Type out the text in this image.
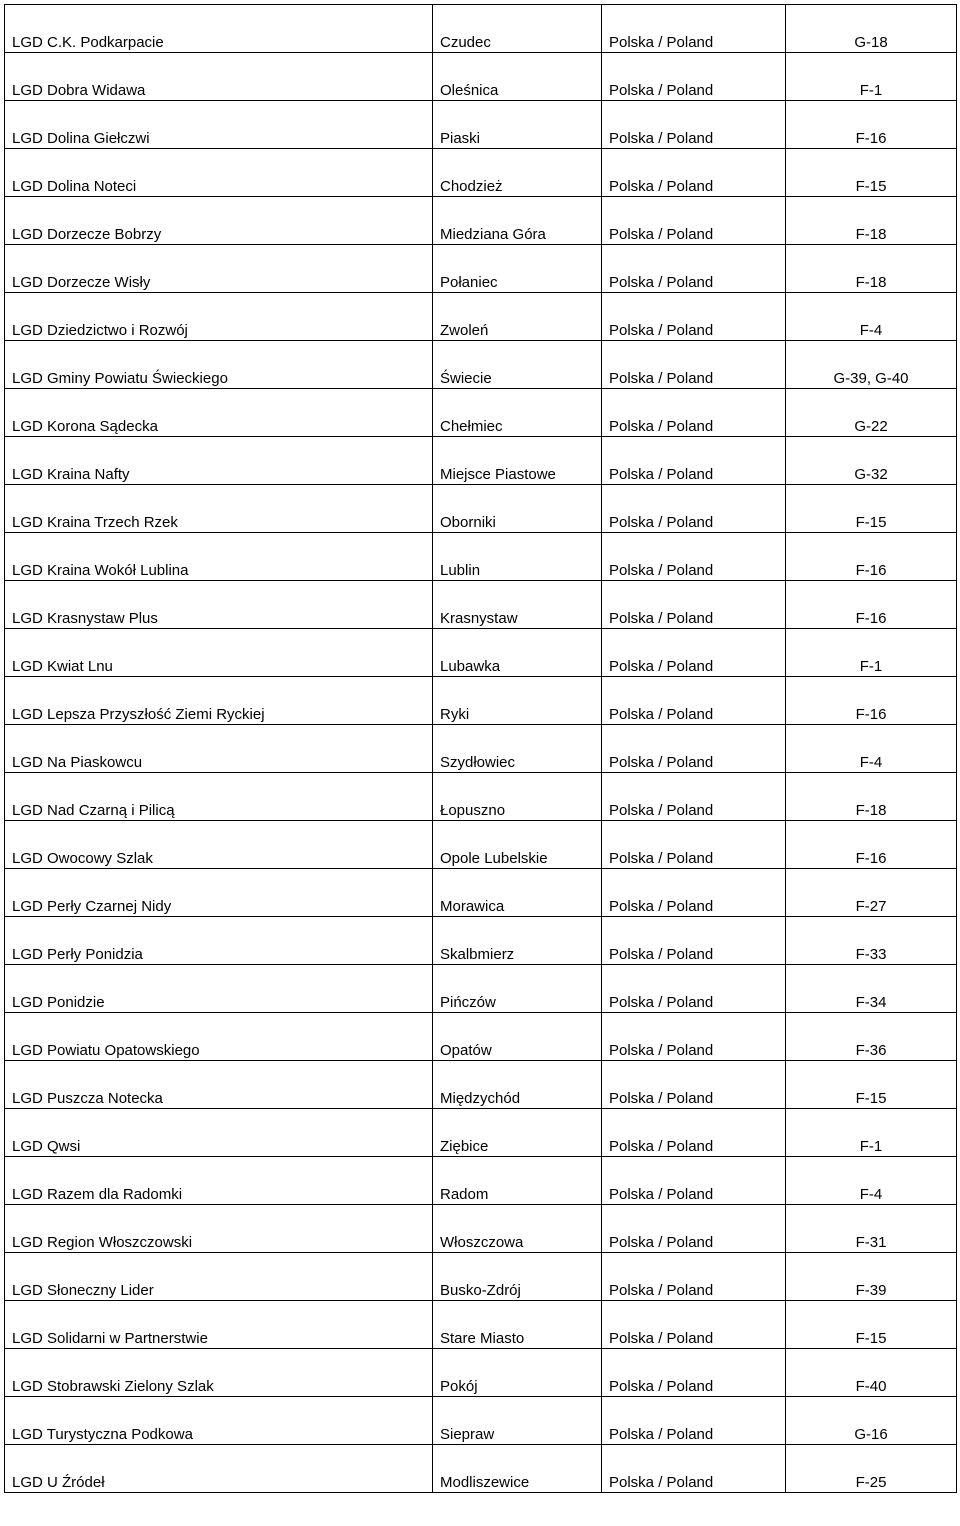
LGD C.K. Podkarpacie	Czudec	Polska / Poland	G-18

LGD Dobra Widawa	Oleśnica	Polska / Poland	F-1

LGD Dolina Giełczwi	Piaski	Polska / Poland	F-16

LGD Dolina Noteci	Chodzież	Polska / Poland	F-15

LGD Dorzecze Bobrzy	Miedziana Góra	Polska / Poland	F-18

LGD Dorzecze Wisły	Połaniec	Polska / Poland	F-18

LGD Dziedzictwo i Rozwój	Zwoleń	Polska / Poland	F-4

LGD Gminy Powiatu Świeckiego	Świecie	Polska / Poland	G-39, G-40

LGD Korona Sądecka	Chełmiec	Polska / Poland	G-22

LGD Kraina Nafty	Miejsce Piastowe	Polska / Poland	G-32

LGD Kraina Trzech Rzek	Oborniki	Polska / Poland	F-15

LGD Kraina Wokół Lublina	Lublin	Polska / Poland	F-16

LGD Krasnystaw Plus	Krasnystaw	Polska / Poland	F-16

LGD Kwiat Lnu	Lubawka	Polska / Poland	F-1

LGD Lepsza Przyszłość Ziemi Ryckiej	Ryki	Polska / Poland	F-16

LGD Na Piaskowcu	Szydłowiec	Polska / Poland	F-4

LGD Nad Czarną i Pilicą	Łopuszno	Polska / Poland	F-18

LGD Owocowy Szlak	Opole Lubelskie	Polska / Poland	F-16

LGD Perły Czarnej Nidy	Morawica	Polska / Poland	F-27

LGD Perły Ponidzia	Skalbmierz	Polska / Poland	F-33

LGD Ponidzie	Pińczów	Polska / Poland	F-34

LGD Powiatu Opatowskiego	Opatów	Polska / Poland	F-36

LGD Puszcza Notecka	Międzychód	Polska / Poland	F-15

LGD Qwsi	Ziębice	Polska / Poland	F-1

LGD Razem dla Radomki	Radom	Polska / Poland	F-4

LGD Region Włoszczowski	Włoszczowa	Polska / Poland	F-31

LGD Słoneczny Lider	Busko-Zdrój	Polska / Poland	F-39

LGD Solidarni w Partnerstwie	Stare Miasto	Polska / Poland	F-15

LGD Stobrawski Zielony Szlak	Pokój	Polska / Poland	F-40

LGD Turystyczna Podkowa	Siepraw	Polska / Poland	G-16

LGD U Źródeł	Modliszewice	Polska / Poland	F-25
